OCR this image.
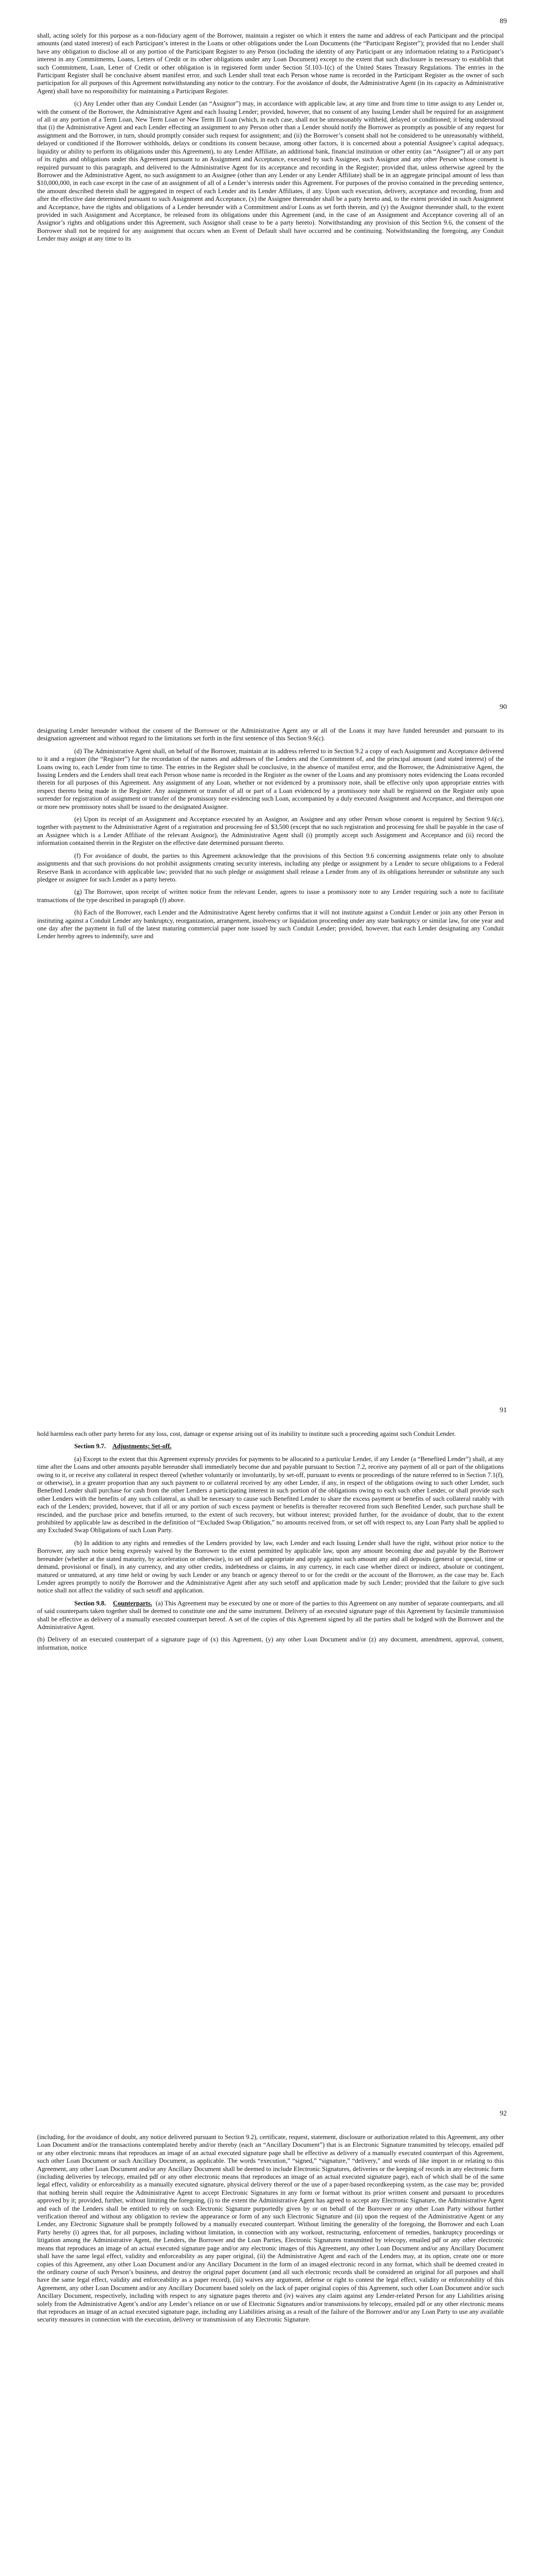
89

shall, acting solely for this purpose as a non-fiduciary agent of the Borrower, maintain a register on which it enters the name and address of each Participant and the principal amounts (and stated interest) of each Participant’s interest in the Loans or other obligations under the Loan Documents (the “Participant Register”); provided that no Lender shall have any obligation to disclose all or any portion of the Participant Register to any Person (including the identity of any Participant or any information relating to a Participant’s interest in any Commitments, Loans, Letters of Credit or its other obligations under any Loan Document) except to the extent that such disclosure is necessary to establish that such Commitment, Loan, Letter of Credit or other obligation is in registered form under Section 5f.103-1(c) of the United States Treasury Regulations. The entries in the Participant Register shall be conclusive absent manifest error, and such Lender shall treat each Person whose name is recorded in the Participant Register as the owner of such participation for all purposes of this Agreement notwithstanding any notice to the contrary. For the avoidance of doubt, the Administrative Agent (in its capacity as Administrative Agent) shall have no responsibility for maintaining a Participant Register.

(c) Any Lender other than any Conduit Lender (an “Assignor”) may, in accordance with applicable law, at any time and from time to time assign to any Lender or, with the consent of the Borrower, the Administrative Agent and each Issuing Lender; provided, however, that no consent of any Issuing Lender shall be required for an assignment of all or any portion of a Term Loan, New Term Loan or New Term Ill Loan (which, in each case, shall not be unreasonably withheld, delayed or conditioned; it being understood that (i) the Administrative Agent and each Lender effecting an assignment to any Person other than a Lender should notify the Borrower as promptly as possible of any request for assignment and the Borrower, in turn, should promptly consider such request for assignment; and (ii) the Borrower’s consent shall not be considered to be unreasonably withheld, delayed or conditioned if the Borrower withholds, delays or conditions its consent because, among other factors, it is concerned about a potential Assignee’s capital adequacy, liquidity or ability to perform its obligations under this Agreement), to any Lender Affiliate, an additional bank, financial institution or other entity (an “Assignee”) all or any part of its rights and obligations under this Agreement pursuant to an Assignment and Acceptance, executed by such Assignee, such Assignor and any other Person whose consent is required pursuant to this paragraph, and delivered to the Administrative Agent for its acceptance and recording in the Register; provided that, unless otherwise agreed by the Borrower and the Administrative Agent, no such assignment to an Assignee (other than any Lender or any Lender Affiliate) shall be in an aggregate principal amount of less than $10,000,000, in each case except in the case of an assignment of all of a Lender’s interests under this Agreement. For purposes of the proviso contained in the preceding sentence, the amount described therein shall be aggregated in respect of each Lender and its Lender Affiliates, if any. Upon such execution, delivery, acceptance and recording, from and after the effective date determined pursuant to such Assignment and Acceptance, (x) the Assignee thereunder shall be a party hereto and, to the extent provided in such Assignment and Acceptance, have the rights and obligations of a Lender hereunder with a Commitment and/or Loans as set forth therein, and (y) the Assignor thereunder shall, to the extent provided in such Assignment and Acceptance, be released from its obligations under this Agreement (and, in the case of an Assignment and Acceptance covering all of an Assignor’s rights and obligations under this Agreement, such Assignor shall cease to be a party hereto). Notwithstanding any provision of this Section 9.6, the consent of the Borrower shall not be required for any assignment that occurs when an Event of Default shall have occurred and be continuing. Notwithstanding the foregoing, any Conduit Lender may assign at any time to its

90

designating Lender hereunder without the consent of the Borrower or the Administrative Agent any or all of the Loans it may have funded hereunder and pursuant to its designation agreement and without regard to the limitations set forth in the first sentence of this Section 9.6(c).

(d) The Administrative Agent shall, on behalf of the Borrower, maintain at its address referred to in Section 9.2 a copy of each Assignment and Acceptance delivered to it and a register (the “Register”) for the recordation of the names and addresses of the Lenders and the Commitment of, and the principal amount (and stated interest) of the Loans owing to, each Lender from time to time. The entries in the Register shall be conclusive, in the absence of manifest error, and the Borrower, the Administrative Agent, the Issuing Lenders and the Lenders shall treat each Person whose name is recorded in the Register as the owner of the Loans and any promissory notes evidencing the Loans recorded therein for all purposes of this Agreement. Any assignment of any Loan, whether or not evidenced by a promissory note, shall be effective only upon appropriate entries with respect thereto being made in the Register. Any assignment or transfer of all or part of a Loan evidenced by a promissory note shall be registered on the Register only upon surrender for registration of assignment or transfer of the promissory note evidencing such Loan, accompanied by a duly executed Assignment and Acceptance, and thereupon one or more new promissory notes shall be issued to the designated Assignee.

(e) Upon its receipt of an Assignment and Acceptance executed by an Assignor, an Assignee and any other Person whose consent is required by Section 9.6(c), together with payment to the Administrative Agent of a registration and processing fee of $3,500 (except that no such registration and processing fee shall be payable in the case of an Assignee which is a Lender Affiliate of the relevant Assignor), the Administrative Agent shall (i) promptly accept such Assignment and Acceptance and (ii) record the information contained therein in the Register on the effective date determined pursuant thereto.

(f) For avoidance of doubt, the parties to this Agreement acknowledge that the provisions of this Section 9.6 concerning assignments relate only to absolute assignments and that such provisions do not prohibit assignments creating security interests, including any pledge or assignment by a Lender to secure obligations to a Federal Reserve Bank in accordance with applicable law; provided that no such pledge or assignment shall release a Lender from any of its obligations hereunder or substitute any such pledgee or assignee for such Lender as a party hereto.

(g) The Borrower, upon receipt of written notice from the relevant Lender, agrees to issue a promissory note to any Lender requiring such a note to facilitate transactions of the type described in paragraph (f) above.

(h) Each of the Borrower, each Lender and the Administrative Agent hereby confirms that it will not institute against a Conduit Lender or join any other Person in instituting against a Conduit Lender any bankruptcy, reorganization, arrangement, insolvency or liquidation proceeding under any state bankruptcy or similar law, for one year and one day after the payment in full of the latest maturing commercial paper note issued by such Conduit Lender; provided, however, that each Lender designating any Conduit Lender hereby agrees to indemnify, save and

91

hold harmless each other party hereto for any loss, cost, damage or expense arising out of its inability to institute such a proceeding against such Conduit Lender.

Section 9.7. Adjustments; Set-off.

(a) Except to the extent that this Agreement expressly provides for payments to be allocated to a particular Lender, if any Lender (a “Benefited Lender”) shall, at any time after the Loans and other amounts payable hereunder shall immediately become due and payable pursuant to Section 7.2, receive any payment of all or part of the obligations owing to it, or receive any collateral in respect thereof (whether voluntarily or involuntarily, by set-off, pursuant to events or proceedings of the nature referred to in Section 7.1(f), or otherwise), in a greater proportion than any such payment to or collateral received by any other Lender, if any, in respect of the obligations owing to such other Lender, such Benefited Lender shall purchase for cash from the other Lenders a participating interest in such portion of the obligations owing to each such other Lender, or shall provide such other Lenders with the benefits of any such collateral, as shall be necessary to cause such Benefited Lender to share the excess payment or benefits of such collateral ratably with each of the Lenders; provided, however, that if all or any portion of such excess payment or benefits is thereafter recovered from such Benefited Lender, such purchase shall be rescinded, and the purchase price and benefits returned, to the extent of such recovery, but without interest; provided further, for the avoidance of doubt, that to the extent prohibited by applicable law as described in the definition of “Excluded Swap Obligation,” no amounts received from, or set off with respect to, any Loan Party shall be applied to any Excluded Swap Obligations of such Loan Party.

(b) In addition to any rights and remedies of the Lenders provided by law, each Lender and each Issuing Lender shall have the right, without prior notice to the Borrower, any such notice being expressly waived by the Borrower to the extent permitted by applicable law, upon any amount becoming due and payable by the Borrower hereunder (whether at the stated maturity, by acceleration or otherwise), to set off and appropriate and apply against such amount any and all deposits (general or special, time or demand, provisional or final), in any currency, and any other credits, indebtedness or claims, in any currency, in each case whether direct or indirect, absolute or contingent, matured or unmatured, at any time held or owing by such Lender or any branch or agency thereof to or for the credit or the account of the Borrower, as the case may be. Each Lender agrees promptly to notify the Borrower and the Administrative Agent after any such setoff and application made by such Lender; provided that the failure to give such notice shall not affect the validity of such setoff and application.

Section 9.8. Counterparts. (a) This Agreement may be executed by one or more of the parties to this Agreement on any number of separate counterparts, and all of said counterparts taken together shall be deemed to constitute one and the same instrument. Delivery of an executed signature page of this Agreement by facsimile transmission shall be effective as delivery of a manually executed counterpart hereof. A set of the copies of this Agreement signed by all the parties shall be lodged with the Borrower and the Administrative Agent.

(b) Delivery of an executed counterpart of a signature page of (x) this Agreement, (y) any other Loan Document and/or (z) any document, amendment, approval, consent, information, notice

92

(including, for the avoidance of doubt, any notice delivered pursuant to Section 9.2), certificate, request, statement, disclosure or authorization related to this Agreement, any other Loan Document and/or the transactions contemplated hereby and/or thereby (each an “Ancillary Document”) that is an Electronic Signature transmitted by telecopy, emailed pdf or any other electronic means that reproduces an image of an actual executed signature page shall be effective as delivery of a manually executed counterpart of this Agreement, such other Loan Document or such Ancillary Document, as applicable. The words “execution,” “signed,” “signature,” “delivery,” and words of like import in or relating to this Agreement, any other Loan Document and/or any Ancillary Document shall be deemed to include Electronic Signatures, deliveries or the keeping of records in any electronic form (including deliveries by telecopy, emailed pdf or any other electronic means that reproduces an image of an actual executed signature page), each of which shall be of the same legal effect, validity or enforceability as a manually executed signature, physical delivery thereof or the use of a paper-based recordkeeping system, as the case may be; provided that nothing herein shall require the Administrative Agent to accept Electronic Signatures in any form or format without its prior written consent and pursuant to procedures approved by it; provided, further, without limiting the foregoing, (i) to the extent the Administrative Agent has agreed to accept any Electronic Signature, the Administrative Agent and each of the Lenders shall be entitled to rely on such Electronic Signature purportedly given by or on behalf of the Borrower or any other Loan Party without further verification thereof and without any obligation to review the appearance or form of any such Electronic Signature and (ii) upon the request of the Administrative Agent or any Lender, any Electronic Signature shall be promptly followed by a manually executed counterpart. Without limiting the generality of the foregoing, the Borrower and each Loan Party hereby (i) agrees that, for all purposes, including without limitation, in connection with any workout, restructuring, enforcement of remedies, bankruptcy proceedings or litigation among the Administrative Agent, the Lenders, the Borrower and the Loan Parties, Electronic Signatures transmitted by telecopy, emailed pdf or any other electronic means that reproduces an image of an actual executed signature page and/or any electronic images of this Agreement, any other Loan Document and/or any Ancillary Document shall have the same legal effect, validity and enforceability as any paper original, (ii) the Administrative Agent and each of the Lenders may, at its option, create one or more copies of this Agreement, any other Loan Document and/or any Ancillary Document in the form of an imaged electronic record in any format, which shall be deemed created in the ordinary course of such Person’s business, and destroy the original paper document (and all such electronic records shall be considered an original for all purposes and shall have the same legal effect, validity and enforceability as a paper record), (iii) waives any argument, defense or right to contest the legal effect, validity or enforceability of this Agreement, any other Loan Document and/or any Ancillary Document based solely on the lack of paper original copies of this Agreement, such other Loan Document and/or such Ancillary Document, respectively, including with respect to any signature pages thereto and (iv) waives any claim against any Lender-related Person for any Liabilities arising solely from the Administrative Agent’s and/or any Lender’s reliance on or use of Electronic Signatures and/or transmissions by telecopy, emailed pdf or any other electronic means that reproduces an image of an actual executed signature page, including any Liabilities arising as a result of the failure of the Borrower and/or any Loan Party to use any available security measures in connection with the execution, delivery or transmission of any Electronic Signature.
